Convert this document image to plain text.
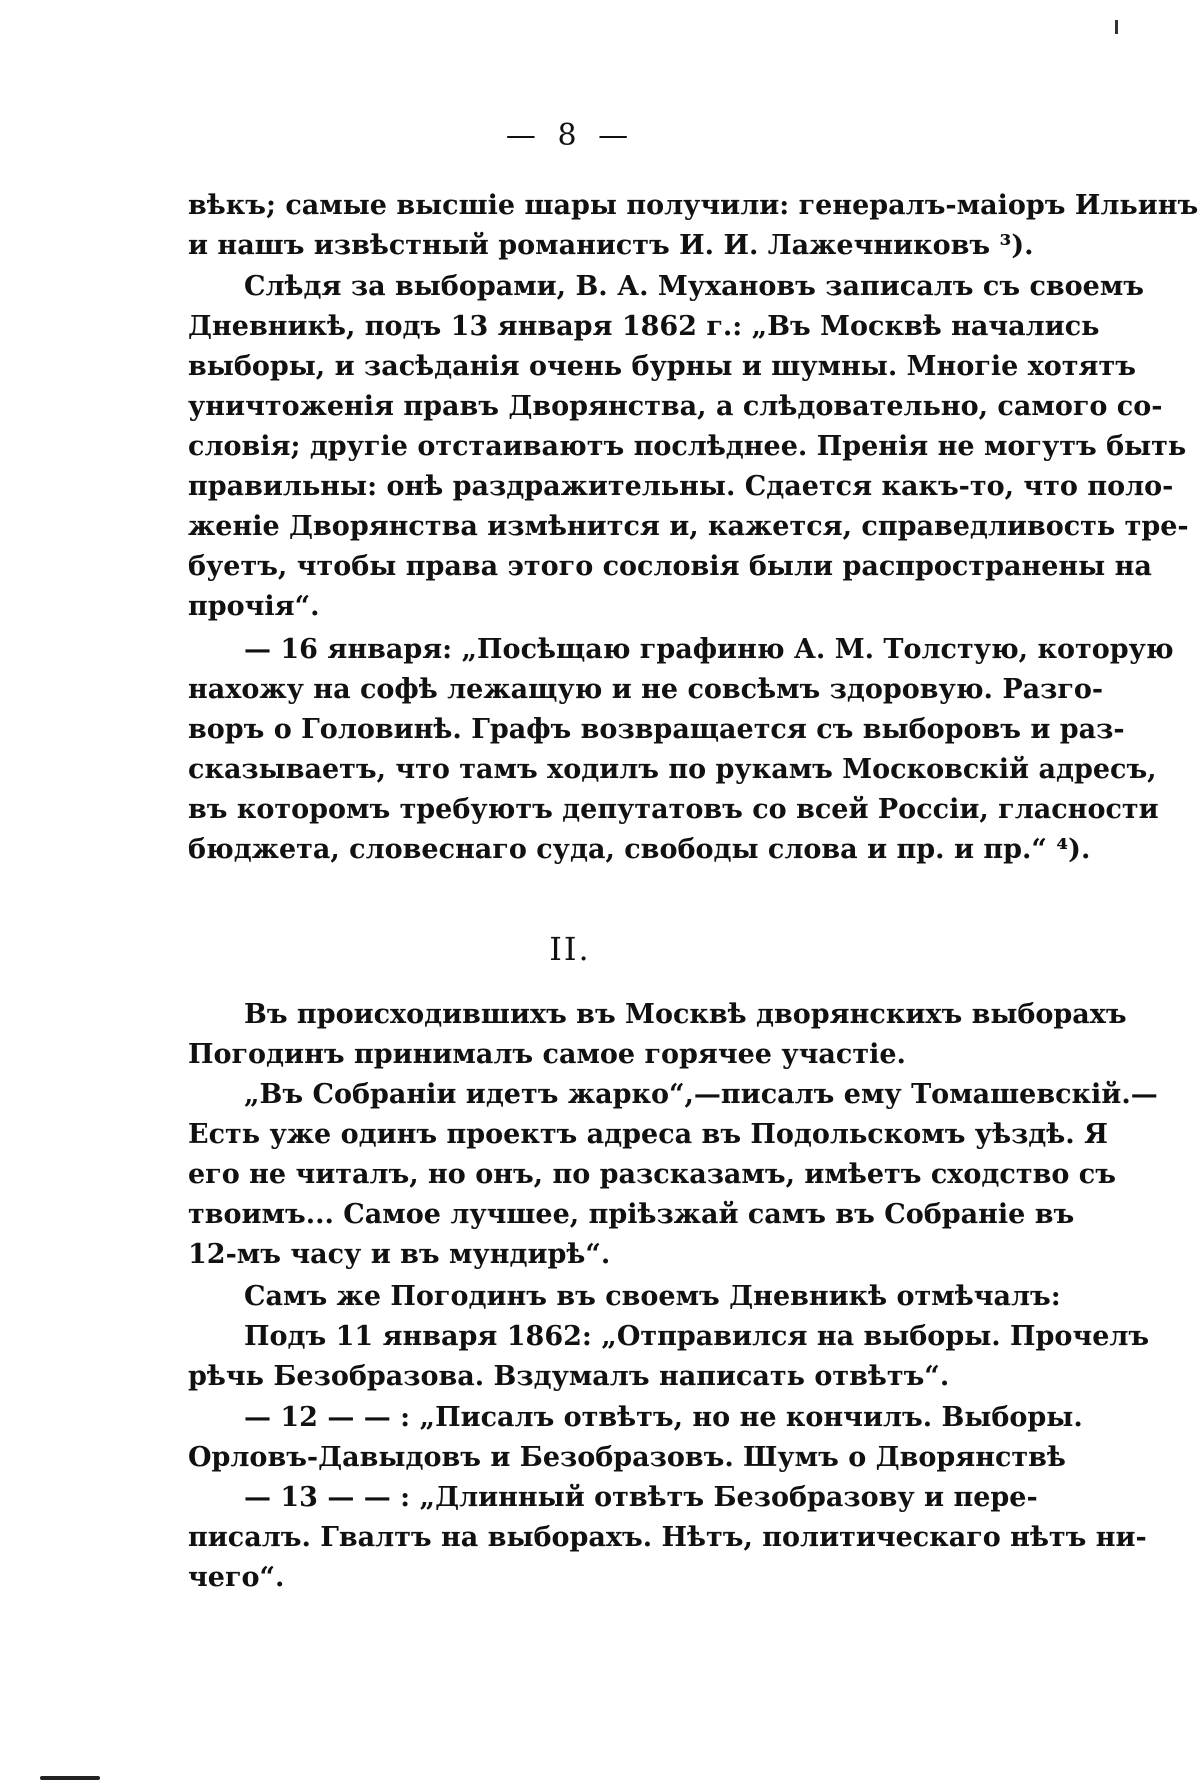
— 8 —
вѣкъ; самые высшіе шары получили: генералъ-маіоръ Ильинъ
и нашъ извѣстный романистъ И. И. Лажечниковъ ³).
Слѣдя за выборами, В. А. Мухановъ записалъ съ своемъ
Дневникѣ, подъ 13 января 1862 г.: „Въ Москвѣ начались
выборы, и засѣданія очень бурны и шумны. Многіе хотятъ
уничтоженія правъ Дворянства, а слѣдовательно, самого со-
словія; другіе отстаиваютъ послѣднее. Пренія не могутъ быть
правильны: онѣ раздражительны. Сдается какъ-то, что поло-
женіе Дворянства измѣнится и, кажется, справедливость тре-
буетъ, чтобы права этого сословія были распространены на
прочія“.
— 16 января: „Посѣщаю графиню А. М. Толстую, которую
нахожу на софѣ лежащую и не совсѣмъ здоровую. Разго-
воръ о Головинѣ. Графъ возвращается съ выборовъ и раз-
сказываетъ, что тамъ ходилъ по рукамъ Московскій адресъ,
въ которомъ требуютъ депутатовъ со всей Россіи, гласности
бюджета, словеснаго суда, свободы слова и пр. и пр.“ ⁴).
II.
Въ происходившихъ въ Москвѣ дворянскихъ выборахъ
Погодинъ принималъ самое горячее участіе.
„Въ Собраніи идетъ жарко“,—писалъ ему Томашевскій.—
Есть уже одинъ проектъ адреса въ Подольскомъ уѣздѣ. Я
его не читалъ, но онъ, по разсказамъ, имѣетъ сходство съ
твоимъ... Самое лучшее, пріѣзжай самъ въ Собраніе въ
12-мъ часу и въ мундирѣ“.
Самъ же Погодинъ въ своемъ Дневникѣ отмѣчалъ:
Подъ 11 января 1862: „Отправился на выборы. Прочелъ
рѣчь Безобразова. Вздумалъ написать отвѣтъ“.
— 12 — — : „Писалъ отвѣтъ, но не кончилъ. Выборы.
Орловъ-Давыдовъ и Безобразовъ. Шумъ о Дворянствѣ
— 13 — — : „Длинный отвѣтъ Безобразову и пере-
писалъ. Гвалтъ на выборахъ. Нѣтъ, политическаго нѣтъ ни-
чего“.
